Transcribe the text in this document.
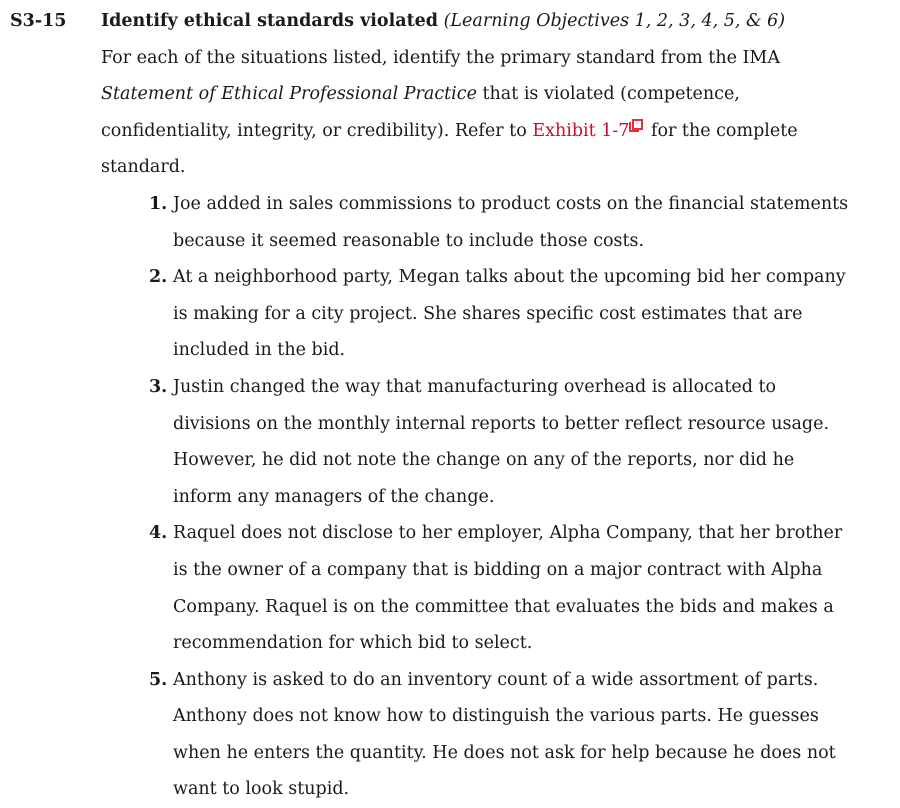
S3-15 Identify ethical standards violated (Learning Objectives 1, 2, 3, 4, 5, & 6)
For each of the situations listed, identify the primary standard from the IMA Statement of Ethical Professional Practice that is violated (competence, confidentiality, integrity, or credibility). Refer to Exhibit 1-7
for the complete standard.
1. Joe added in sales commissions to product costs on the financial statements because it seemed reasonable to include those costs.
2. At a neighborhood party, Megan talks about the upcoming bid her company is making for a city project. She shares specific cost estimates that are included in the bid.
3. Justin changed the way that manufacturing overhead is allocated to divisions on the monthly internal reports to better reflect resource usage. However, he did not note the change on any of the reports, nor did he inform any managers of the change.
4. Raquel does not disclose to her employer, Alpha Company, that her brother is the owner of a company that is bidding on a major contract with Alpha Company. Raquel is on the committee that evaluates the bids and makes a recommendation for which bid to select.
5. Anthony is asked to do an inventory count of a wide assortment of parts. Anthony does not know how to distinguish the various parts. He guesses when he enters the quantity. He does not ask for help because he does not want to look stupid.
